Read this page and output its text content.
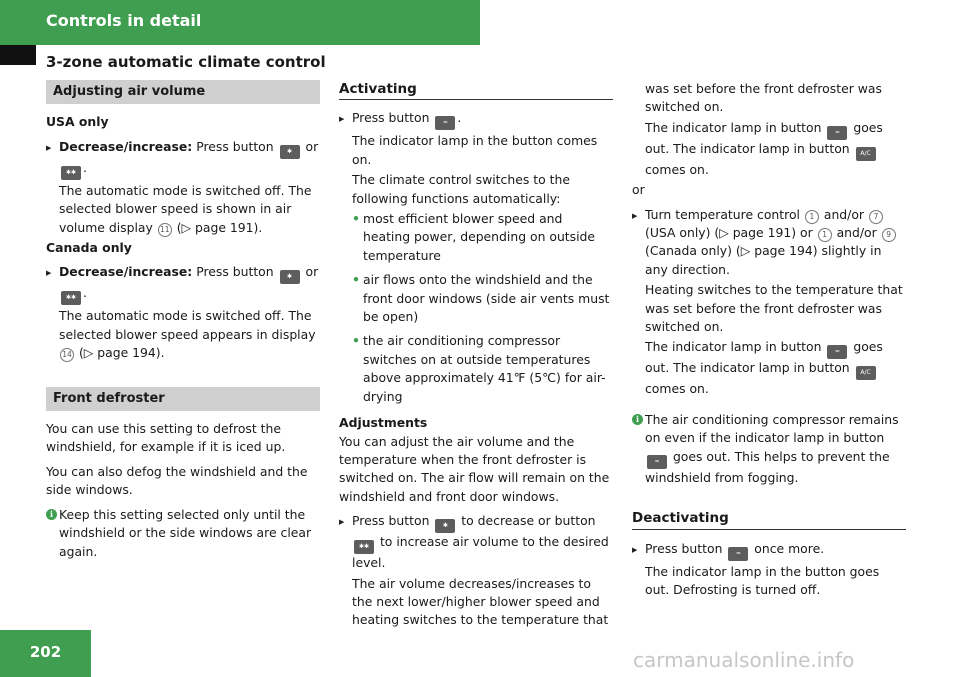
Controls in detail
3-zone automatic climate control
Adjusting air volume
USA only
▶ Decrease/increase: Press button ✱ or ✱✱ .
The automatic mode is switched off. The selected blower speed is shown in air volume display 11 (▷ page 191).
Canada only
▶ Decrease/increase: Press button ✱ or ✱✱ .
The automatic mode is switched off. The selected blower speed appears in display 14 (▷ page 194).
Front defroster
You can use this setting to defrost the windshield, for example if it is iced up.
You can also defog the windshield and the side windows.
i Keep this setting selected only until the windshield or the side windows are clear again.
Activating
▶ Press button ≈ .
The indicator lamp in the button comes on.
The climate control switches to the following functions automatically:
• most efficient blower speed and heating power, depending on outside temperature
• air flows onto the windshield and the front door windows (side air vents must be open)
• the air conditioning compressor switches on at outside temperatures above approximately 41℉ (5℃) for air-drying
Adjustments
You can adjust the air volume and the temperature when the front defroster is switched on. The air flow will remain on the windshield and front door windows.
▶ Press button ✱ to decrease or button ✱✱ to increase air volume to the desired level.
The air volume decreases/increases to the next lower/higher blower speed and heating switches to the temperature that
was set before the front defroster was switched on.
The indicator lamp in button ≈ goes out. The indicator lamp in button A/C comes on.
or
▶ Turn temperature control 1 and/or 7 (USA only) (▷ page 191) or 1 and/or 9 (Canada only) (▷ page 194) slightly in any direction.
Heating switches to the temperature that was set before the front defroster was switched on.
The indicator lamp in button ≈ goes out. The indicator lamp in button A/C comes on.
i The air conditioning compressor remains on even if the indicator lamp in button ≈ goes out. This helps to prevent the windshield from fogging.
Deactivating
▶ Press button ≈ once more.
The indicator lamp in the button goes out. Defrosting is turned off.
202	carmanualsonline.info
